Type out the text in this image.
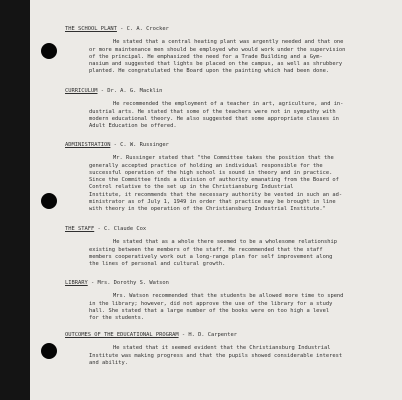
THE SCHOOL PLANT - C. A. Crocker
He stated that a central heating plant was argently needed and that one
or more maintenance men should be employed who would work under the supervision
of the principal. He emphasized the need for a Trade Building and a Gym-
nasium and suggested that lights be placed on the campus, as well as shrubbery
planted. He congratulated the Board upon the painting which had been done.
CURRICULUM - Dr. A. G. Macklin
He recommended the employment of a teacher in art, agriculture, and in-
dustrial arts. He stated that some of the teachers were not in sympathy with
modern educational theory. He also suggested that some appropriate classes in
Adult Education be offered.
ADMINISTRATION - C. W. Russinger
Mr. Russinger stated that "the Committee takes the position that the
generally accepted practice of holding an individual responsible for the
successful operation of the high school is sound in theory and in practice.
Since the Committee finds a division of authority emanating from the Board of
Control relative to the set up in the Christiansburg Industrial
Institute, it recommends that the necessary authority be vested in such an ad-
ministrator as of July 1, 1949 in order that practice may be brought in line
with theory in the operation of the Christiansburg Industrial Institute."
THE STAFF - C. Claude Cox
He stated that as a whole there seemed to be a wholesome relationship
existing between the members of the staff. He recommended that the staff
members cooperatively work out a long-range plan for self improvement along
the lines of personal and cultural growth.
LIBRARY - Mrs. Dorothy S. Watson
Mrs. Watson recommended that the students be allowed more time to spend
in the library; however, did not approve the use of the library for a study
hall. She stated that a large number of the books were on too high a level
for the students.
OUTCOMES OF THE EDUCATIONAL PROGRAM - H. D. Carpenter
He stated that it seemed evident that the Christiansburg Industrial
Institute was making progress and that the pupils showed considerable interest
and ability.
